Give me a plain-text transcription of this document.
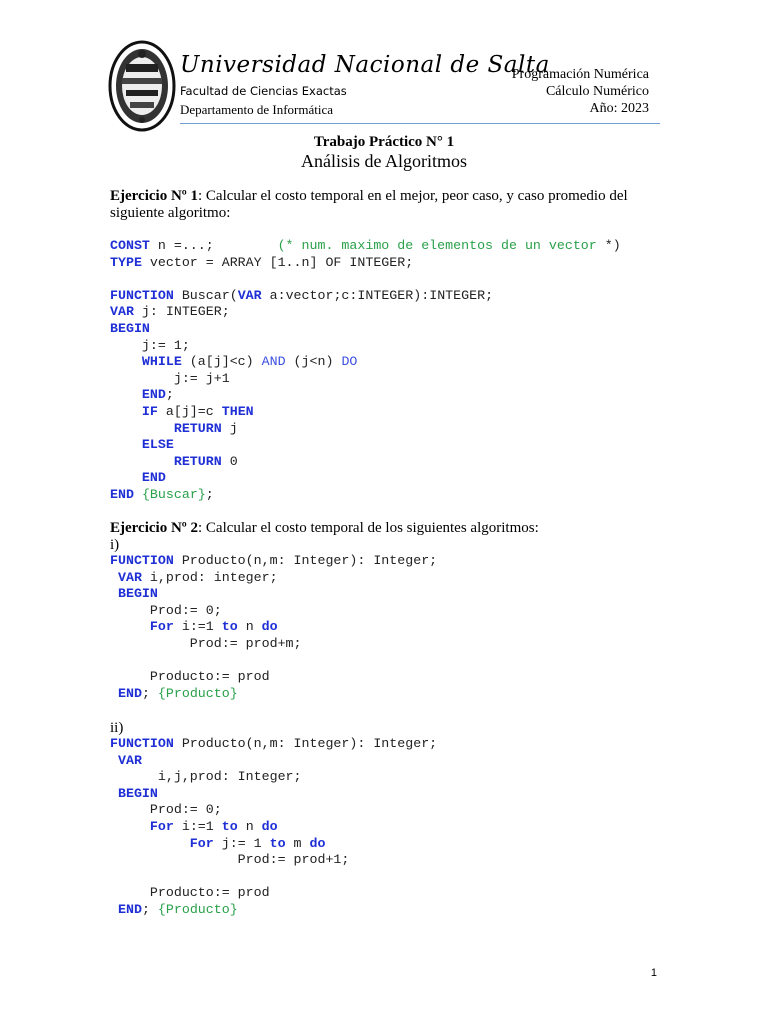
Universidad Nacional de Salta
Facultad de Ciencias Exactas
Departamento de Informática
Programación Numérica
Cálculo Numérico
Año: 2023
Trabajo Práctico N° 1
Análisis de Algoritmos
Ejercicio Nº 1: Calcular el costo temporal en el mejor, peor caso, y caso promedio del siguiente algoritmo:
CONST n =...;        (* num. maximo de elementos de un vector *)
TYPE vector = ARRAY [1..n] OF INTEGER;

FUNCTION Buscar(VAR a:vector;c:INTEGER):INTEGER;
VAR j: INTEGER;
BEGIN
j:= 1;
WHILE (a[j]<c) AND (j<n) DO
j:= j+1
END;
IF a[j]=c THEN
RETURN j
ELSE
RETURN 0
END
END {Buscar};
Ejercicio Nº 2: Calcular el costo temporal de los siguientes algoritmos:
i)
FUNCTION Producto(n,m: Integer): Integer;
VAR i,prod: integer;
BEGIN
Prod:= 0;
For i:=1 to n do
Prod:= prod+m;

Producto:= prod
END; {Producto}
ii)
FUNCTION Producto(n,m: Integer): Integer;
VAR
i,j,prod: Integer;
BEGIN
Prod:= 0;
For i:=1 to n do
For j:= 1 to m do
Prod:= prod+1;

Producto:= prod
END; {Producto}
1
